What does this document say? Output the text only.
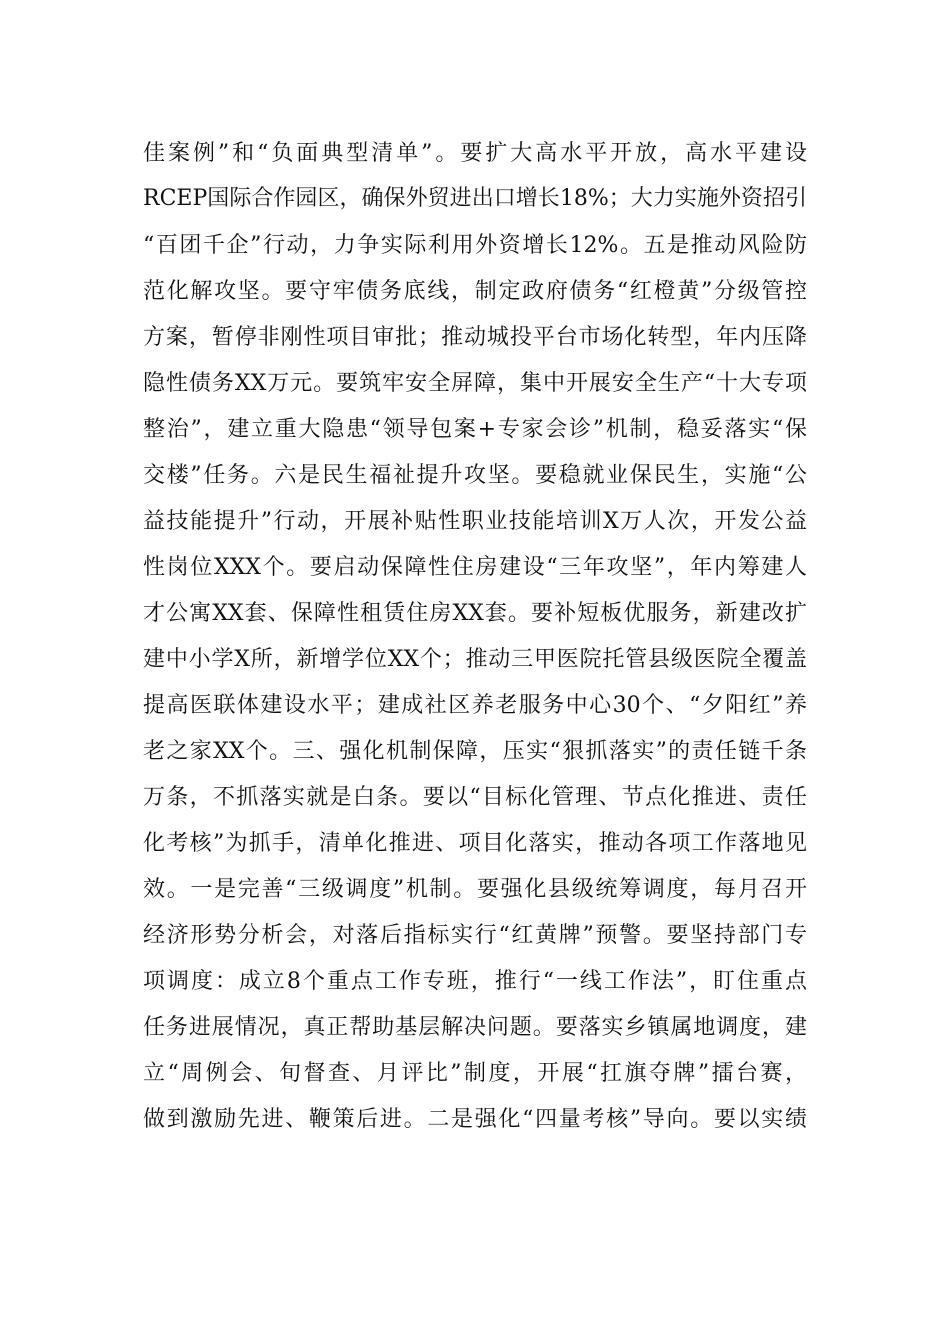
佳案例”和“负面典型清单”。要扩大高水平开放，高水平建设
RCEP国际合作园区，确保外贸进出口增长18%；大力实施外资招引
“百团千企”行动，力争实际利用外资增长12%。五是推动风险防
范化解攻坚。要守牢债务底线，制定政府债务“红橙黄”分级管控
方案，暂停非刚性项目审批；推动城投平台市场化转型，年内压降
隐性债务XX万元。要筑牢安全屏障，集中开展安全生产“十大专项
整治”，建立重大隐患“领导包案+专家会诊”机制，稳妥落实“保
交楼”任务。六是民生福祉提升攻坚。要稳就业保民生，实施“公
益技能提升”行动，开展补贴性职业技能培训X万人次，开发公益
性岗位XXX个。要启动保障性住房建设“三年攻坚”，年内筹建人
才公寓XX套、保障性租赁住房XX套。要补短板优服务，新建改扩
建中小学X所，新增学位XX个；推动三甲医院托管县级医院全覆盖
提高医联体建设水平；建成社区养老服务中心30个、“夕阳红”养
老之家XX个。三、强化机制保障，压实“狠抓落实”的责任链千条
万条，不抓落实就是白条。要以“目标化管理、节点化推进、责任
化考核”为抓手，清单化推进、项目化落实，推动各项工作落地见
效。一是完善“三级调度”机制。要强化县级统筹调度，每月召开
经济形势分析会，对落后指标实行“红黄牌”预警。要坚持部门专
项调度：成立8个重点工作专班，推行“一线工作法”，盯住重点
任务进展情况，真正帮助基层解决问题。要落实乡镇属地调度，建
立“周例会、旬督查、月评比”制度，开展“扛旗夺牌”擂台赛，
做到激励先进、鞭策后进。二是强化“四量考核”导向。要以实绩
